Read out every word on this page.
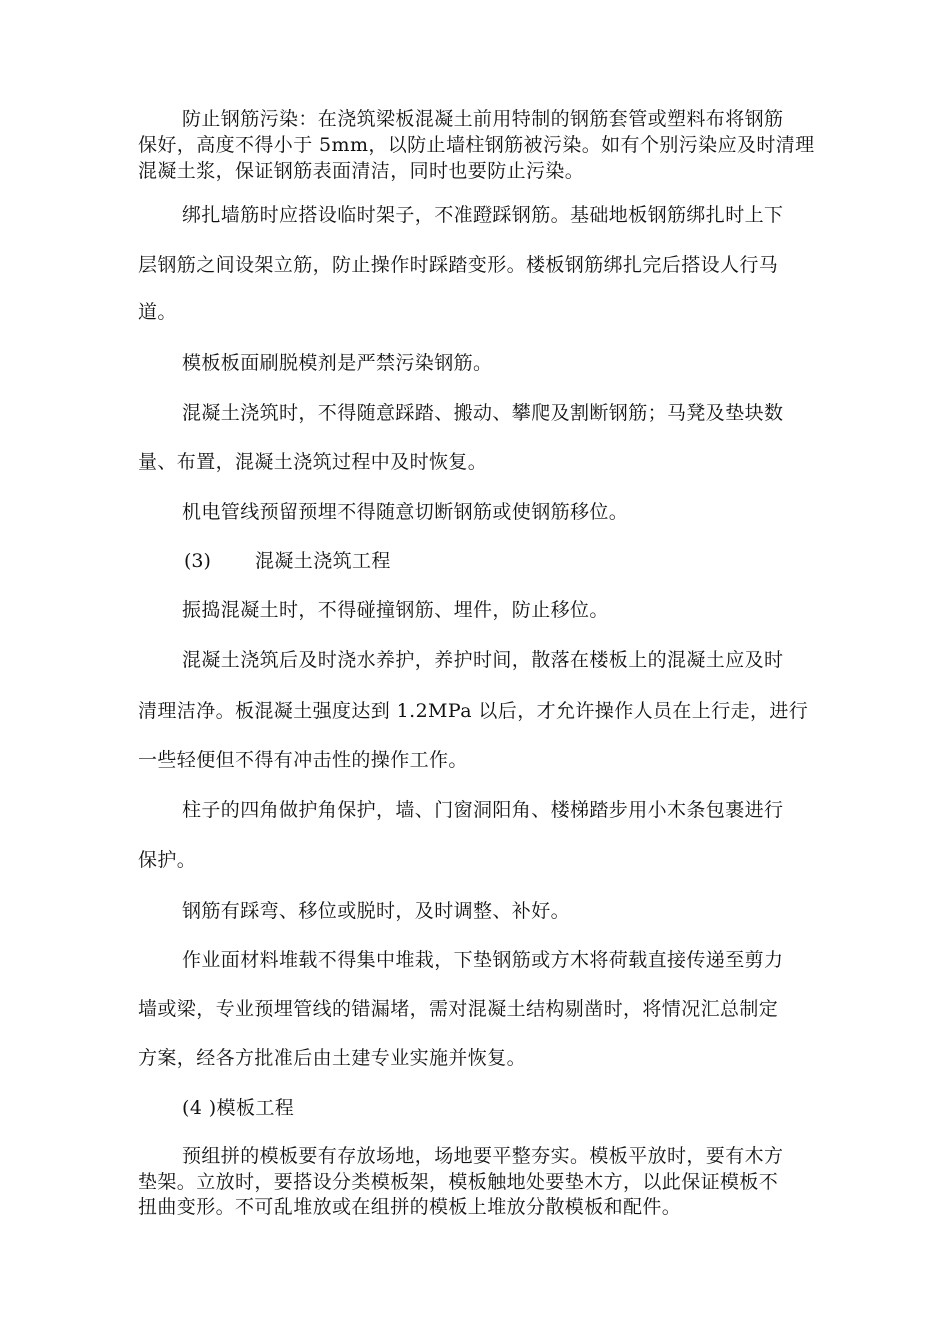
防止钢筋污染：在浇筑梁板混凝土前用特制的钢筋套管或塑料布将钢筋
保好，高度不得小于 5mm，以防止墙柱钢筋被污染。如有个别污染应及时清理
混凝土浆，保证钢筋表面清洁，同时也要防止污染。
绑扎墙筋时应搭设临时架子，不准蹬踩钢筋。基础地板钢筋绑扎时上下
层钢筋之间设架立筋，防止操作时踩踏变形。楼板钢筋绑扎完后搭设人行马
道。
模板板面刷脱模剂是严禁污染钢筋。
混凝土浇筑时，不得随意踩踏、搬动、攀爬及割断钢筋；马凳及垫块数
量、布置，混凝土浇筑过程中及时恢复。
机电管线预留预埋不得随意切断钢筋或使钢筋移位。
(3) 混凝土浇筑工程
振捣混凝土时，不得碰撞钢筋、埋件，防止移位。
混凝土浇筑后及时浇水养护，养护时间，散落在楼板上的混凝土应及时
清理洁净。板混凝土强度达到 1.2MPa 以后，才允许操作人员在上行走，进行
一些轻便但不得有冲击性的操作工作。
柱子的四角做护角保护，墙、门窗洞阳角、楼梯踏步用小木条包裹进行
保护。
钢筋有踩弯、移位或脱时，及时调整、补好。
作业面材料堆载不得集中堆栽，下垫钢筋或方木将荷载直接传递至剪力
墙或梁，专业预埋管线的错漏堵，需对混凝土结构剔凿时，将情况汇总制定
方案，经各方批准后由土建专业实施并恢复。
(4 )模板工程
预组拼的模板要有存放场地，场地要平整夯实。模板平放时，要有木方
垫架。立放时，要搭设分类模板架，模板触地处要垫木方，以此保证模板不
扭曲变形。不可乱堆放或在组拼的模板上堆放分散模板和配件。
